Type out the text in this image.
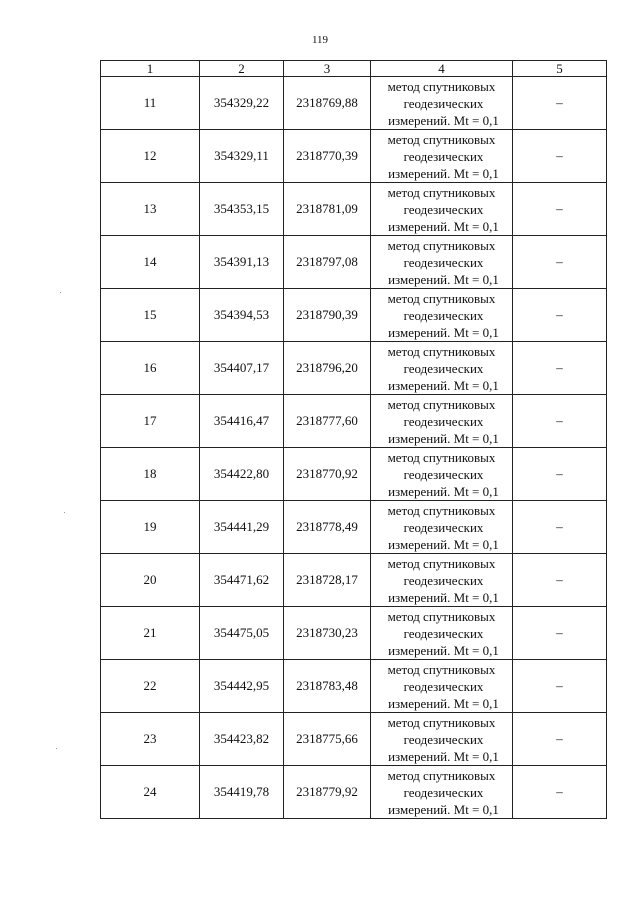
119
1	2	3	4	5
11	354329,22	2318769,88	метод спутниковых
геодезических
измерений. Mt = 0,1	–
12	354329,11	2318770,39	метод спутниковых
геодезических
измерений. Mt = 0,1	–
13	354353,15	2318781,09	метод спутниковых
геодезических
измерений. Mt = 0,1	–
14	354391,13	2318797,08	метод спутниковых
геодезических
измерений. Mt = 0,1	–
15	354394,53	2318790,39	метод спутниковых
геодезических
измерений. Mt = 0,1	–
16	354407,17	2318796,20	метод спутниковых
геодезических
измерений. Mt = 0,1	–
17	354416,47	2318777,60	метод спутниковых
геодезических
измерений. Mt = 0,1	–
18	354422,80	2318770,92	метод спутниковых
геодезических
измерений. Mt = 0,1	–
19	354441,29	2318778,49	метод спутниковых
геодезических
измерений. Mt = 0,1	–
20	354471,62	2318728,17	метод спутниковых
геодезических
измерений. Mt = 0,1	–
21	354475,05	2318730,23	метод спутниковых
геодезических
измерений. Mt = 0,1	–
22	354442,95	2318783,48	метод спутниковых
геодезических
измерений. Mt = 0,1	–
23	354423,82	2318775,66	метод спутниковых
геодезических
измерений. Mt = 0,1	–
24	354419,78	2318779,92	метод спутниковых
геодезических
измерений. Mt = 0,1	–
